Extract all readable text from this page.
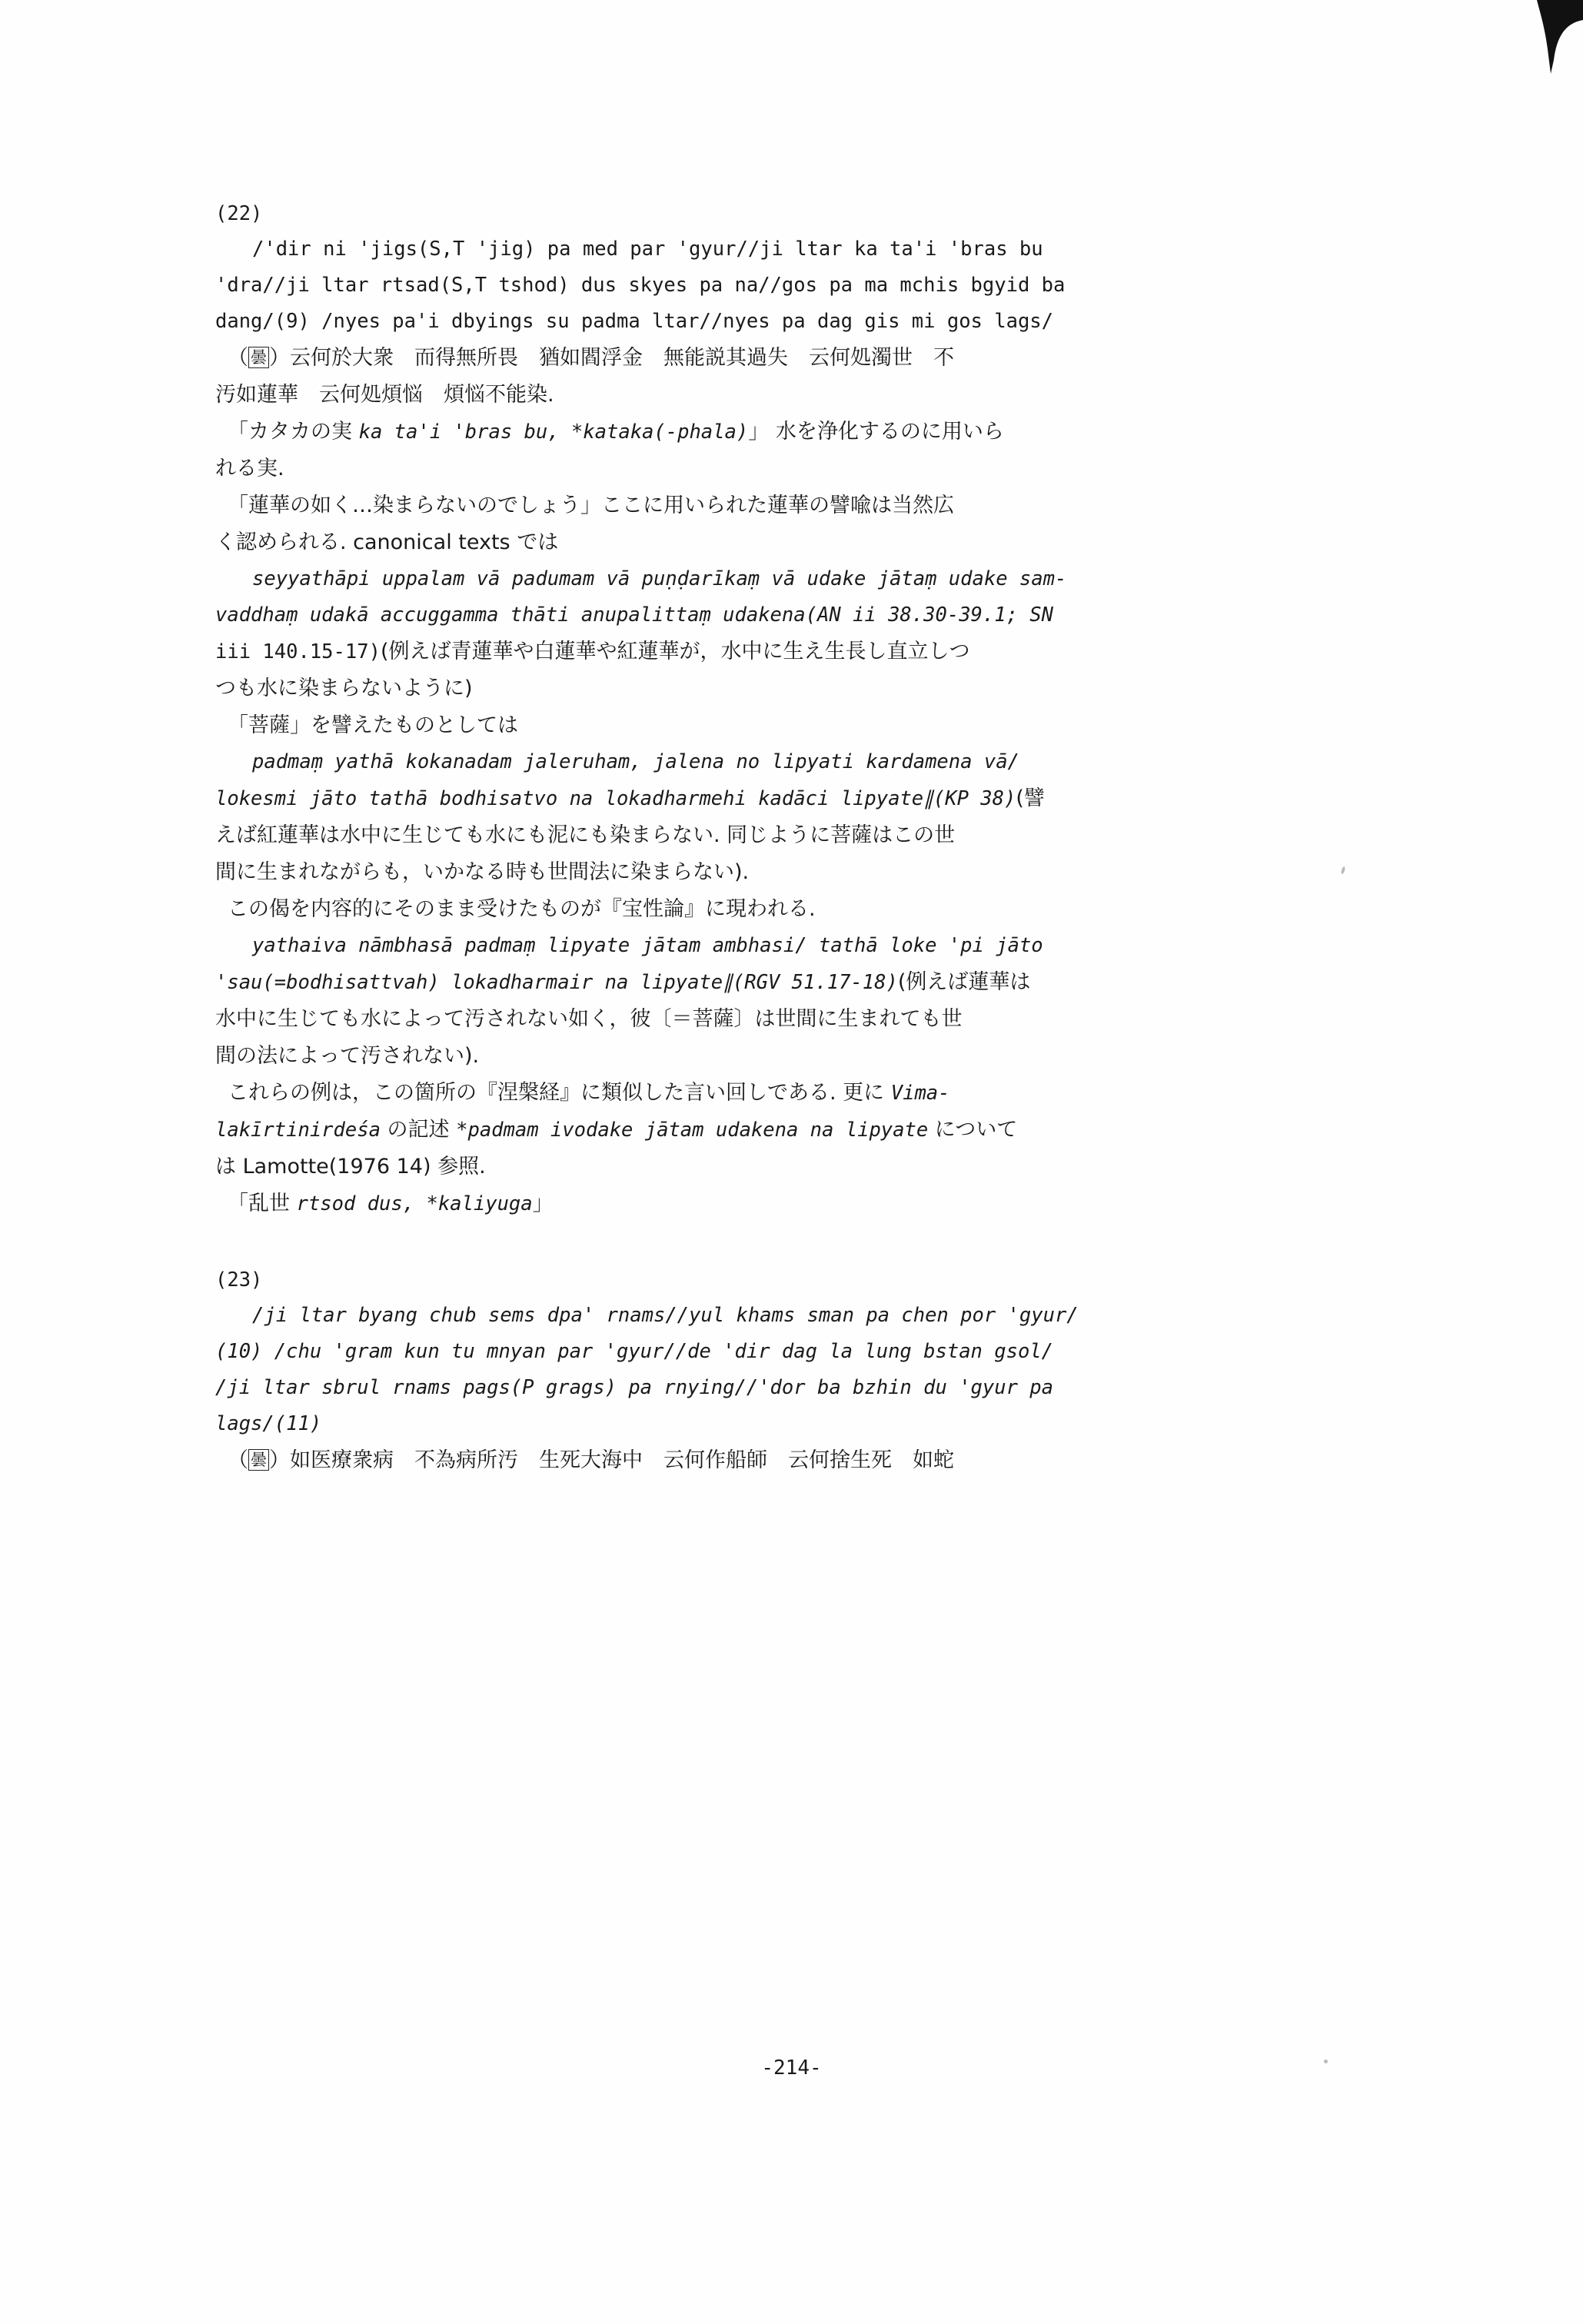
(22)
/'dir ni 'jigs(S,T 'jig) pa med par 'gyur//ji ltar ka ta'i 'bras bu
'dra//ji ltar rtsad(S,T tshod) dus skyes pa na//gos pa ma mchis bgyid ba
dang/(9) /nyes pa'i dbyings su padma ltar//nyes pa dag gis mi gos lags/
（ 曇 ）云何於大衆　而得無所畏　猶如閻浮金　無能説其過失　云何処濁世　不
汚如蓮華　云何処煩悩　煩悩不能染.
「カタカの実 ka ta'i 'bras bu, *kataka(-phala)」 水を浄化するのに用いら
れる実.
「蓮華の如く…染まらないのでしょう」ここに用いられた蓮華の譬喩は当然広
く認められる. canonical texts では
seyyathāpi uppalam vā padumam vā puṇḍarīkaṃ vā udake jātaṃ udake sam-
vaddhaṃ udakā accuggamma thāti anupalittaṃ udakena(AN ii 38.30-39.1; SN
iii 140.15-17)(例えば青蓮華や白蓮華や紅蓮華が，水中に生え生長し直立しつ
つも水に染まらないように)
「菩薩」を譬えたものとしては
padmaṃ yathā kokanadam jaleruham, jalena no lipyati kardamena vā/
lokesmi jāto tathā bodhisatvo na lokadharmehi kadāci lipyate∥(KP 38)(譬
えば紅蓮華は水中に生じても水にも泥にも染まらない. 同じように菩薩はこの世
間に生まれながらも，いかなる時も世間法に染まらない).
この偈を内容的にそのまま受けたものが『宝性論』に現われる.
yathaiva nāmbhasā padmaṃ lipyate jātam ambhasi/ tathā loke 'pi jāto
'sau(=bodhisattvah) lokadharmair na lipyate∥(RGV 51.17-18)(例えば蓮華は
水中に生じても水によって汚されない如く，彼〔＝菩薩〕は世間に生まれても世
間の法によって汚されない).
これらの例は，この箇所の『涅槃経』に類似した言い回しである. 更に Vima-
lakīrtinirdeśa の記述 *padmam ivodake jātam udakena na lipyate について
は Lamotte(1976 14) 参照.
「乱世 rtsod dus, *kaliyuga」
(23)
/ji ltar byang chub sems dpa' rnams//yul khams sman pa chen por 'gyur/
(10) /chu 'gram kun tu mnyan par 'gyur//de 'dir dag la lung bstan gsol/
/ji ltar sbrul rnams pags(P grags) pa rnying//'dor ba bzhin du 'gyur pa
lags/(11)
（ 曇 ）如医療衆病　不為病所汚　生死大海中　云何作船師　云何捨生死　如蛇
-214-
